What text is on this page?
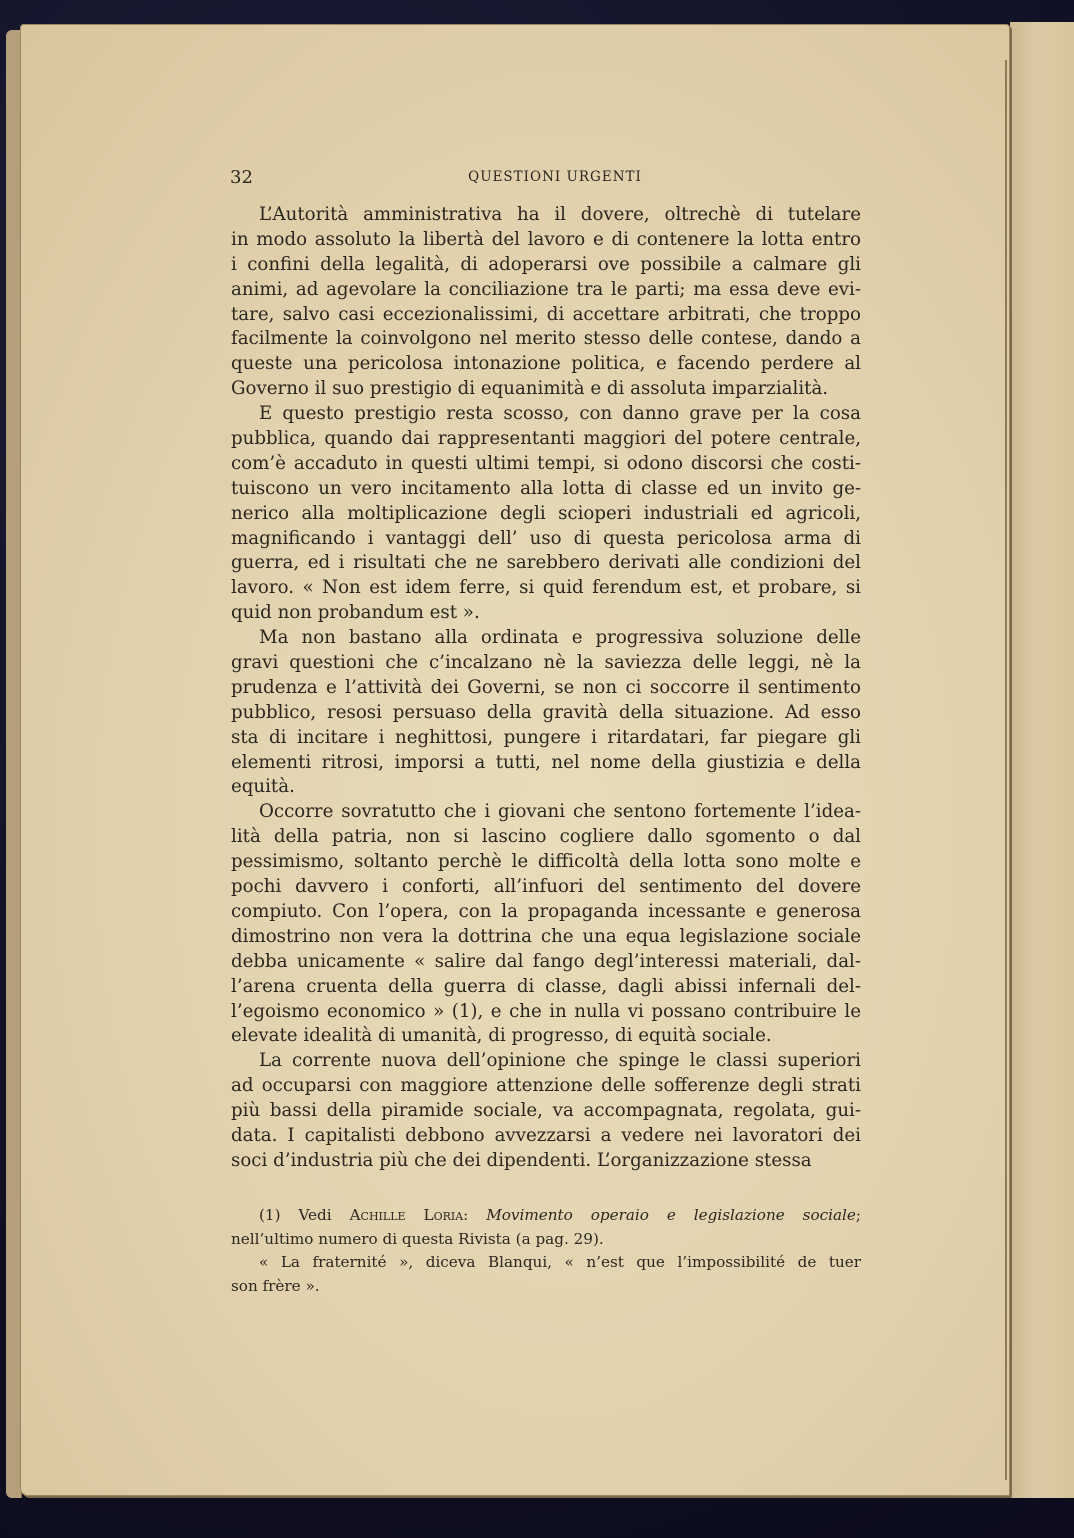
32	QUESTIONI URGENTI
L’Autorità amministrativa ha il dovere, oltrechè di tutelare
in modo assoluto la libertà del lavoro e di contenere la lotta entro
i confini della legalità, di adoperarsi ove possibile a calmare gli
animi, ad agevolare la conciliazione tra le parti; ma essa deve evi-
tare, salvo casi eccezionalissimi, di accettare arbitrati, che troppo
facilmente la coinvolgono nel merito stesso delle contese, dando a
queste una pericolosa intonazione politica, e facendo perdere al
Governo il suo prestigio di equanimità e di assoluta imparzialità.
E questo prestigio resta scosso, con danno grave per la cosa
pubblica, quando dai rappresentanti maggiori del potere centrale,
com’è accaduto in questi ultimi tempi, si odono discorsi che costi-
tuiscono un vero incitamento alla lotta di classe ed un invito ge-
nerico alla moltiplicazione degli scioperi industriali ed agricoli,
magnificando i vantaggi dell’ uso di questa pericolosa arma di
guerra, ed i risultati che ne sarebbero derivati alle condizioni del
lavoro. « Non est idem ferre, si quid ferendum est, et probare, si
quid non probandum est ».
Ma non bastano alla ordinata e progressiva soluzione delle
gravi questioni che c’incalzano nè la saviezza delle leggi, nè la
prudenza e l’attività dei Governi, se non ci soccorre il sentimento
pubblico, resosi persuaso della gravità della situazione. Ad esso
sta di incitare i neghittosi, pungere i ritardatari, far piegare gli
elementi ritrosi, imporsi a tutti, nel nome della giustizia e della
equità.
Occorre sovratutto che i giovani che sentono fortemente l’idea-
lità della patria, non si lascino cogliere dallo sgomento o dal
pessimismo, soltanto perchè le difficoltà della lotta sono molte e
pochi davvero i conforti, all’infuori del sentimento del dovere
compiuto. Con l’opera, con la propaganda incessante e generosa
dimostrino non vera la dottrina che una equa legislazione sociale
debba unicamente « salire dal fango degl’interessi materiali, dal-
l’arena cruenta della guerra di classe, dagli abissi infernali del-
l’egoismo economico » (1), e che in nulla vi possano contribuire le
elevate idealità di umanità, di progresso, di equità sociale.
La corrente nuova dell’opinione che spinge le classi superiori
ad occuparsi con maggiore attenzione delle sofferenze degli strati
più bassi della piramide sociale, va accompagnata, regolata, gui-
data. I capitalisti debbono avvezzarsi a vedere nei lavoratori dei
soci d’industria più che dei dipendenti. L’organizzazione stessa
(1) Vedi Achille Loria: Movimento operaio e legislazione sociale;
nell’ultimo numero di questa Rivista (a pag. 29).
« La fraternité », diceva Blanqui, « n’est que l’impossibilité de tuer
son frère ».
